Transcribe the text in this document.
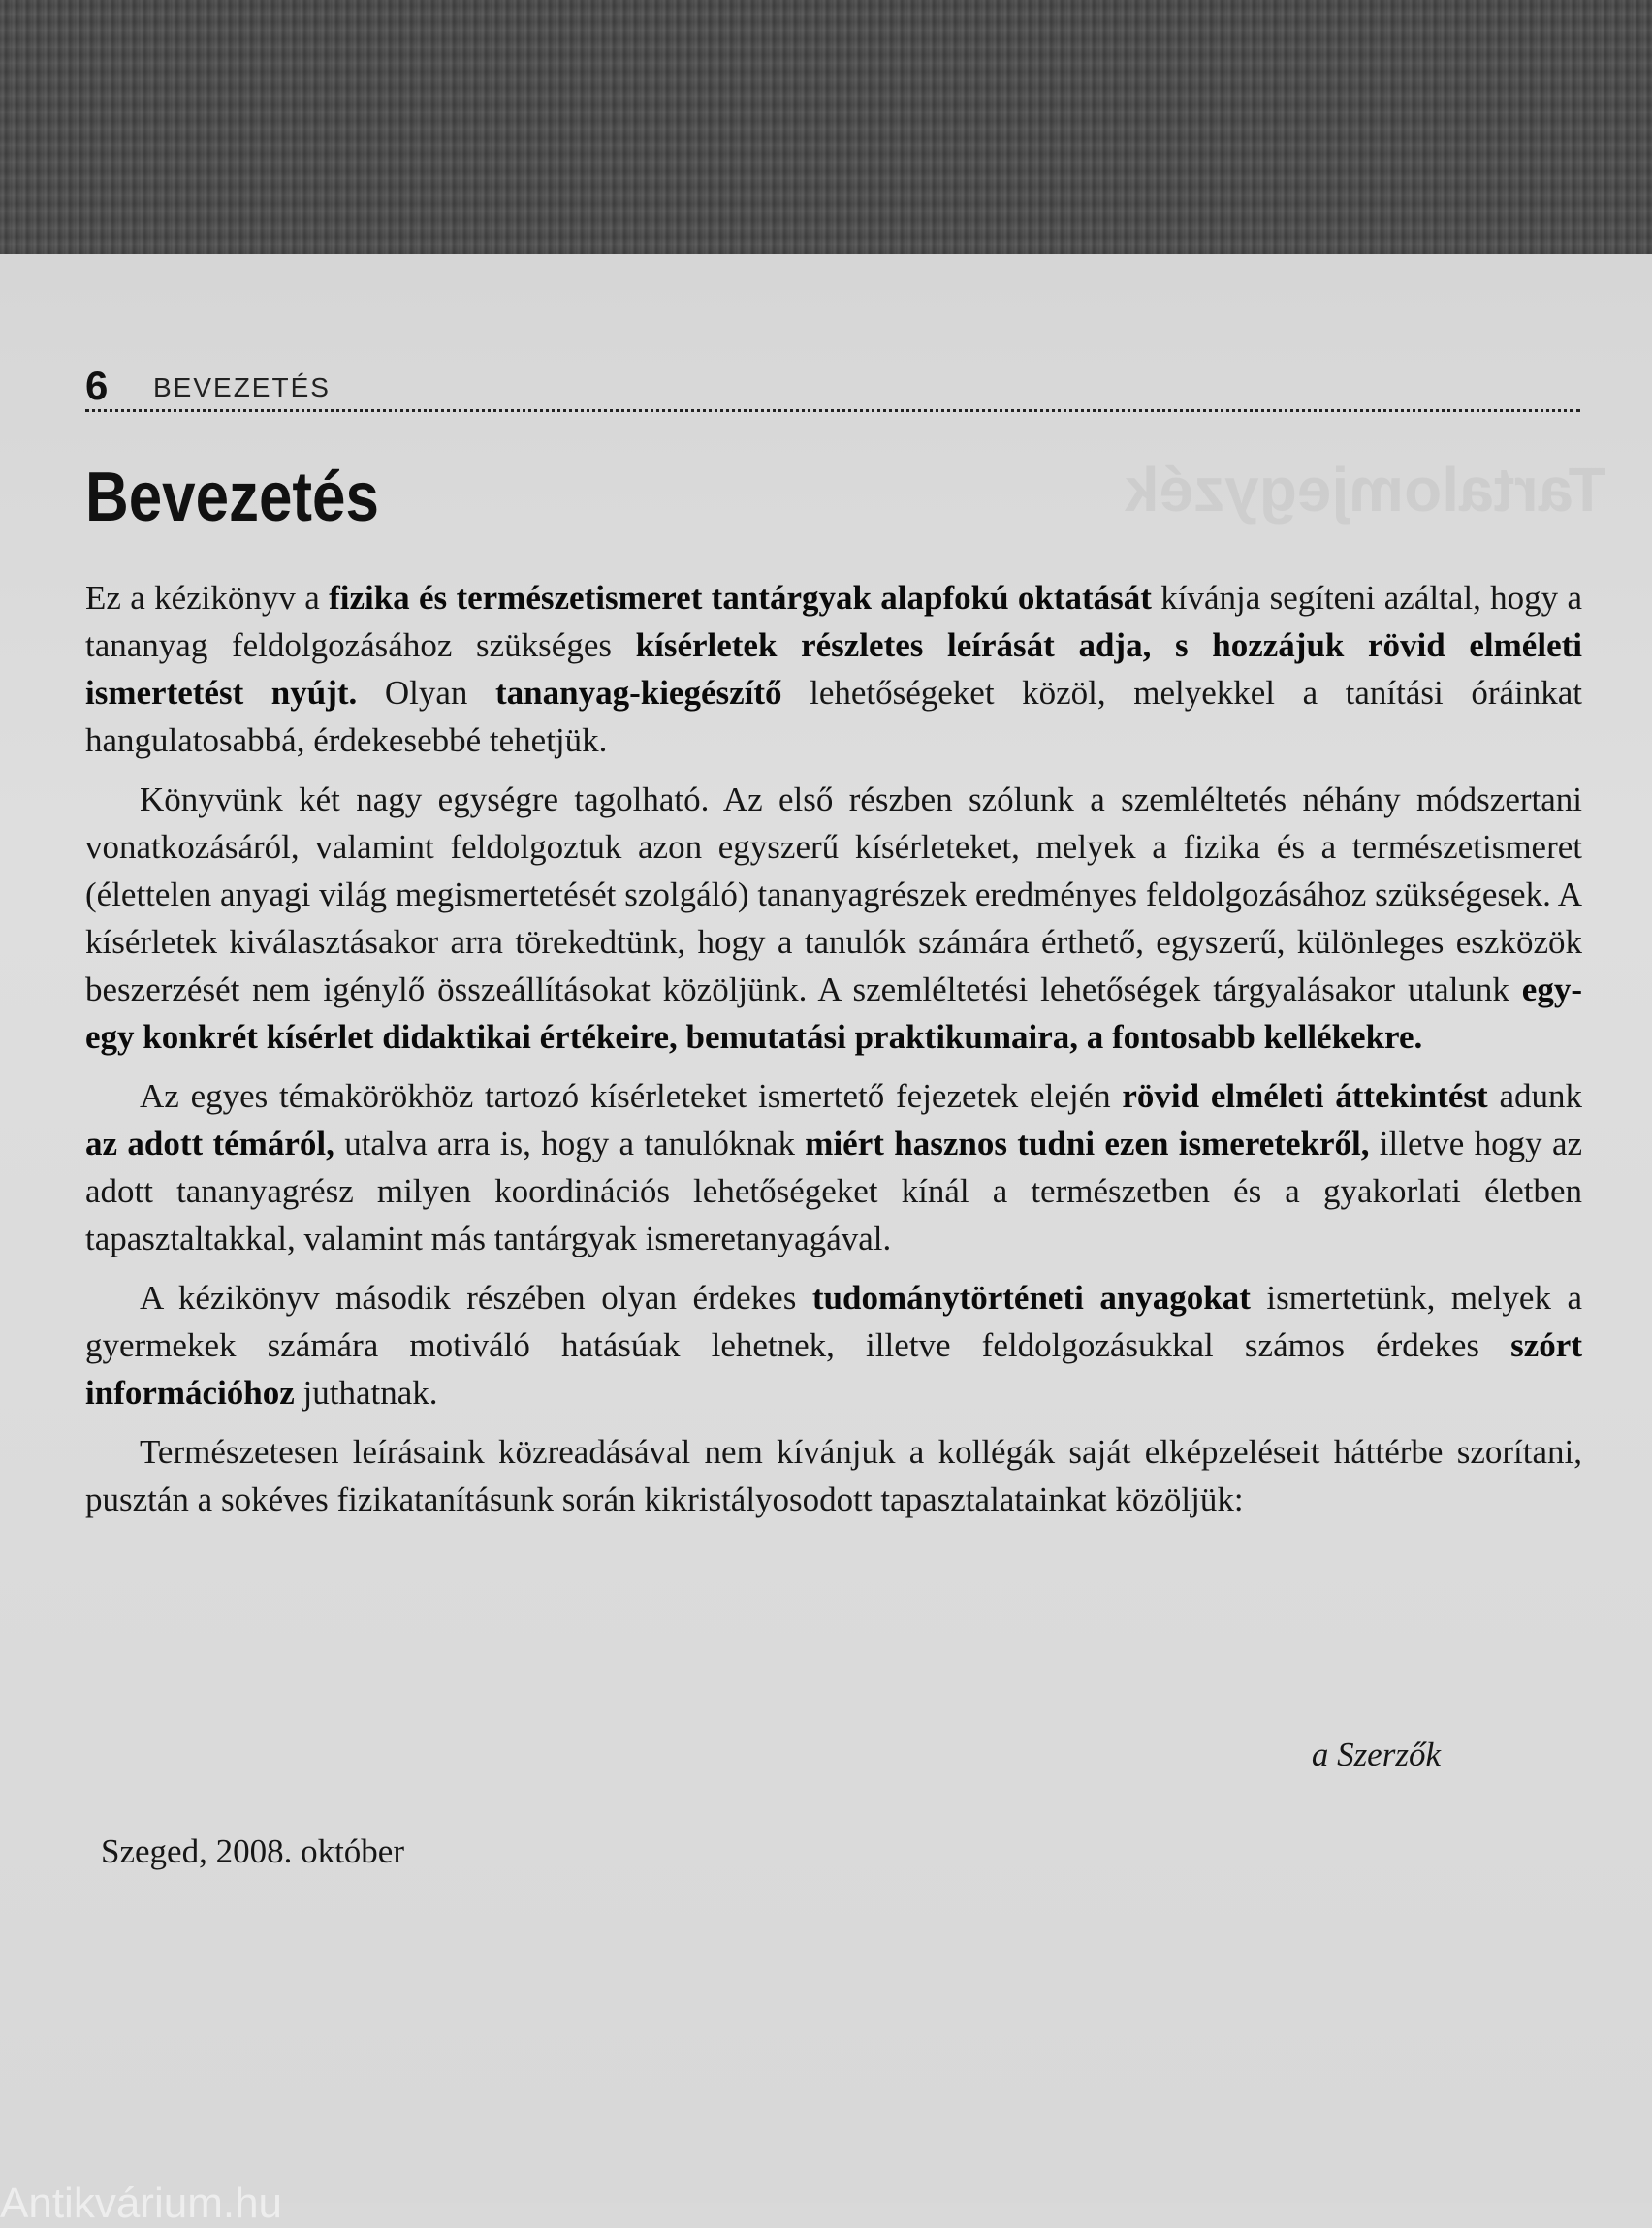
Tartalomjegyzék
6 BEVEZETÉS
Bevezetés

Ez a kézikönyv a fizika és természetismeret tantárgyak alapfokú oktatását kívánja segíteni azáltal, hogy a tananyag feldolgozásához szükséges kísérletek részletes leírását adja, s hozzájuk rövid elméleti ismertetést nyújt. Olyan tananyag-kiegészítő lehetőségeket közöl, melyekkel a tanítási óráinkat hangulatosabbá, érdekesebbé tehetjük.

Könyvünk két nagy egységre tagolható. Az első részben szólunk a szemléltetés néhány módszertani vonatkozásáról, valamint feldolgoztuk azon egyszerű kísérleteket, melyek a fizika és a természetismeret (élettelen anyagi világ megismertetését szolgáló) tananyagrészek eredményes feldolgozásához szükségesek. A kísérletek kiválasztásakor arra törekedtünk, hogy a tanulók számára érthető, egyszerű, különleges eszközök beszerzését nem igénylő összeállításokat közöljünk. A szemléltetési lehetőségek tárgyalásakor utalunk egy-egy konkrét kísérlet didaktikai értékeire, bemutatási praktikumaira, a fontosabb kellékekre.

Az egyes témakörökhöz tartozó kísérleteket ismertető fejezetek elején rövid elméleti áttekintést adunk az adott témáról, utalva arra is, hogy a tanulóknak miért hasznos tudni ezen ismeretekről, illetve hogy az adott tananyagrész milyen koordinációs lehetőségeket kínál a természetben és a gyakorlati életben tapasztaltakkal, valamint más tantárgyak ismeretanyagával.

A kézikönyv második részében olyan érdekes tudománytörténeti anyagokat ismertetünk, melyek a gyermekek számára motiváló hatásúak lehetnek, illetve feldolgozásukkal számos érdekes szórt információhoz juthatnak.

Természetesen leírásaink közreadásával nem kívánjuk a kollégák saját elképzeléseit háttérbe szorítani, pusztán a sokéves fizikatanításunk során kikristályosodott tapasztalatainkat közöljük:

a Szerzők
Szeged, 2008. október
Antikvárium.hu
